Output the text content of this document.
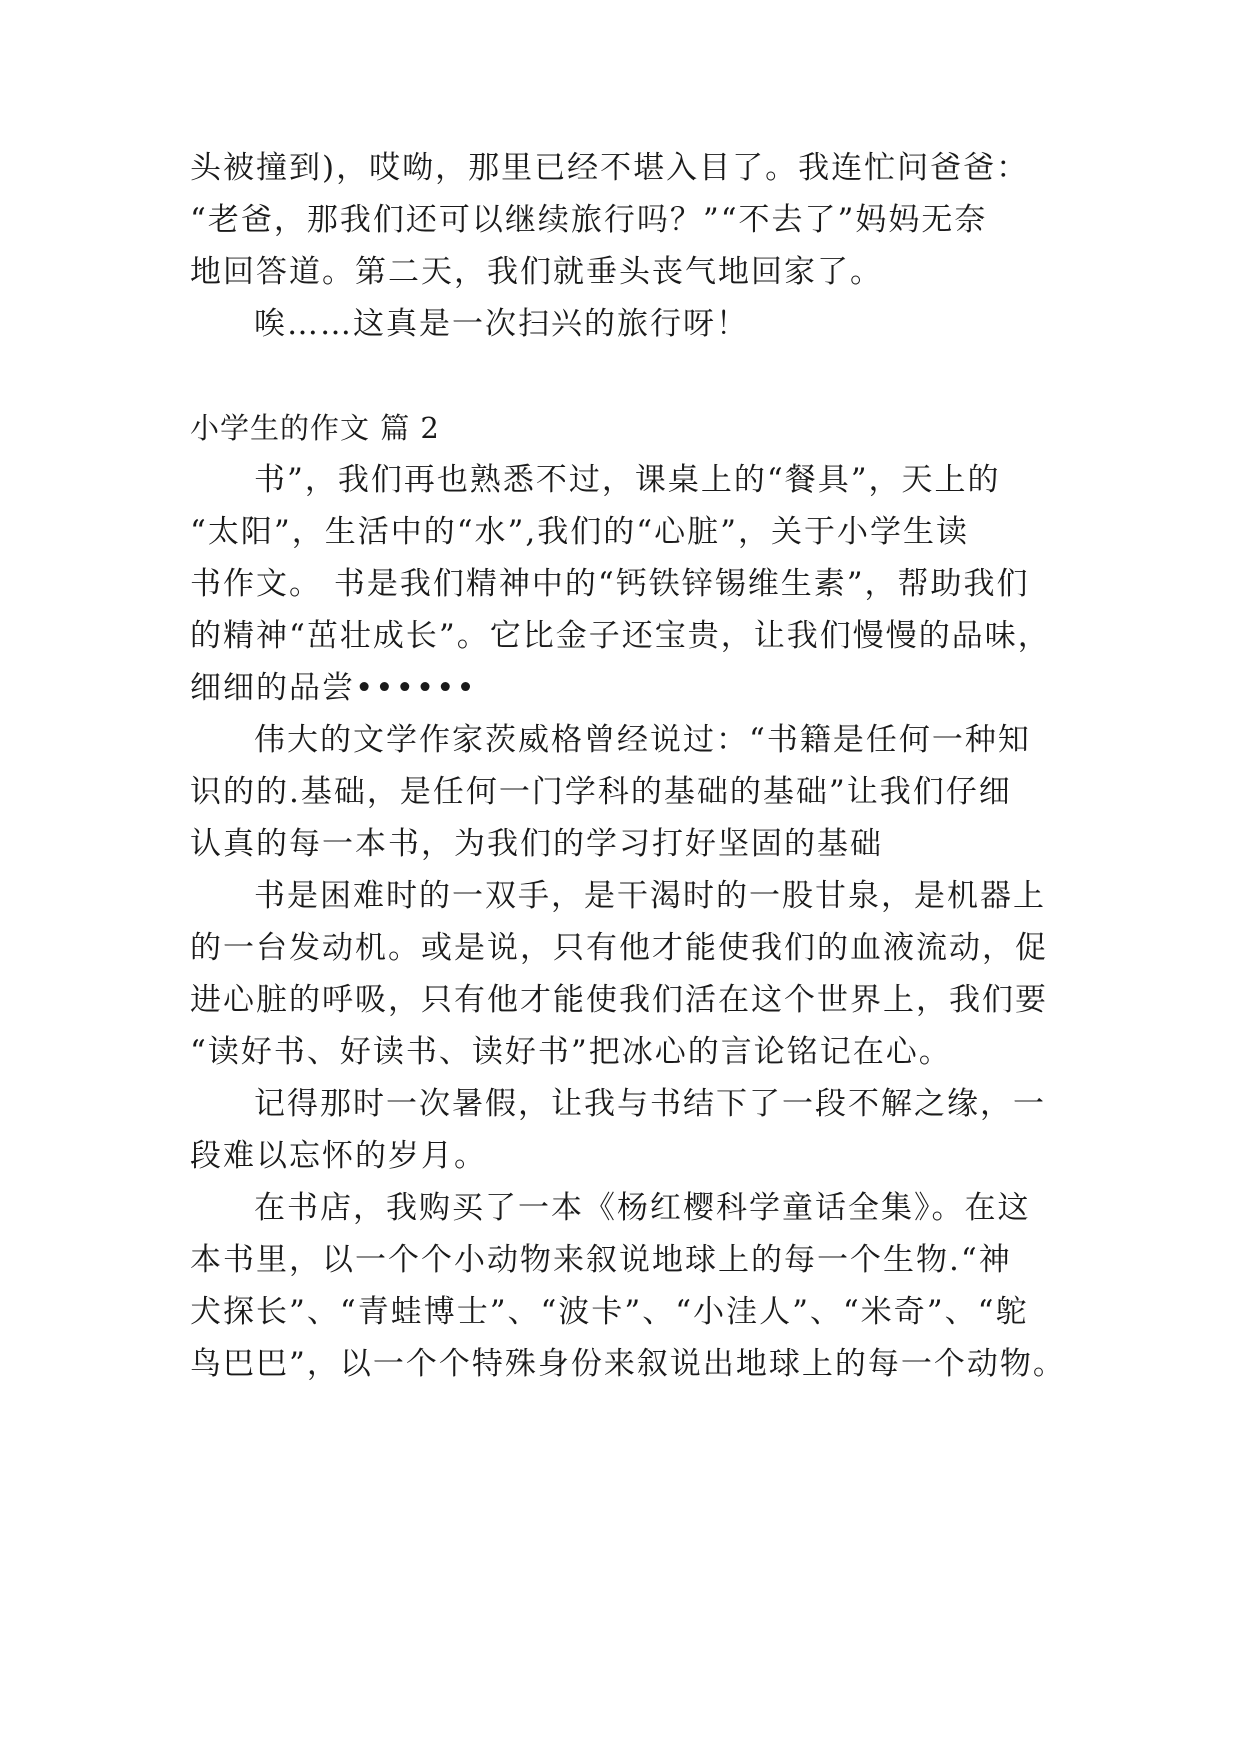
头被撞到)，哎呦，那里已经不堪入目了。我连忙问爸爸：
“老爸，那我们还可以继续旅行吗？”“不去了”妈妈无奈
地回答道。第二天，我们就垂头丧气地回家了。
唉……这真是一次扫兴的旅行呀！
小学生的作文 篇 2
书”，我们再也熟悉不过，课桌上的“餐具”，天上的
“太阳”，生活中的“水”,我们的“心脏”，关于小学生读
书作文。 书是我们精神中的“钙铁锌锡维生素”，帮助我们
的精神“茁壮成长”。它比金子还宝贵，让我们慢慢的品味，
细细的品尝••••••
伟大的文学作家茨威格曾经说过：“书籍是任何一种知
识的的.基础，是任何一门学科的基础的基础”让我们仔细
认真的每一本书，为我们的学习打好坚固的基础
书是困难时的一双手，是干渴时的一股甘泉，是机器上
的一台发动机。或是说，只有他才能使我们的血液流动，促
进心脏的呼吸，只有他才能使我们活在这个世界上，我们要
“读好书、好读书、读好书”把冰心的言论铭记在心。
记得那时一次暑假，让我与书结下了一段不解之缘，一
段难以忘怀的岁月。
在书店，我购买了一本《杨红樱科学童话全集》。在这
本书里，以一个个小动物来叙说地球上的每一个生物.“神
犬探长”、“青蛙博士”、“波卡”、“小洼人”、“米奇”、“鸵
鸟巴巴”，以一个个特殊身份来叙说出地球上的每一个动物。
